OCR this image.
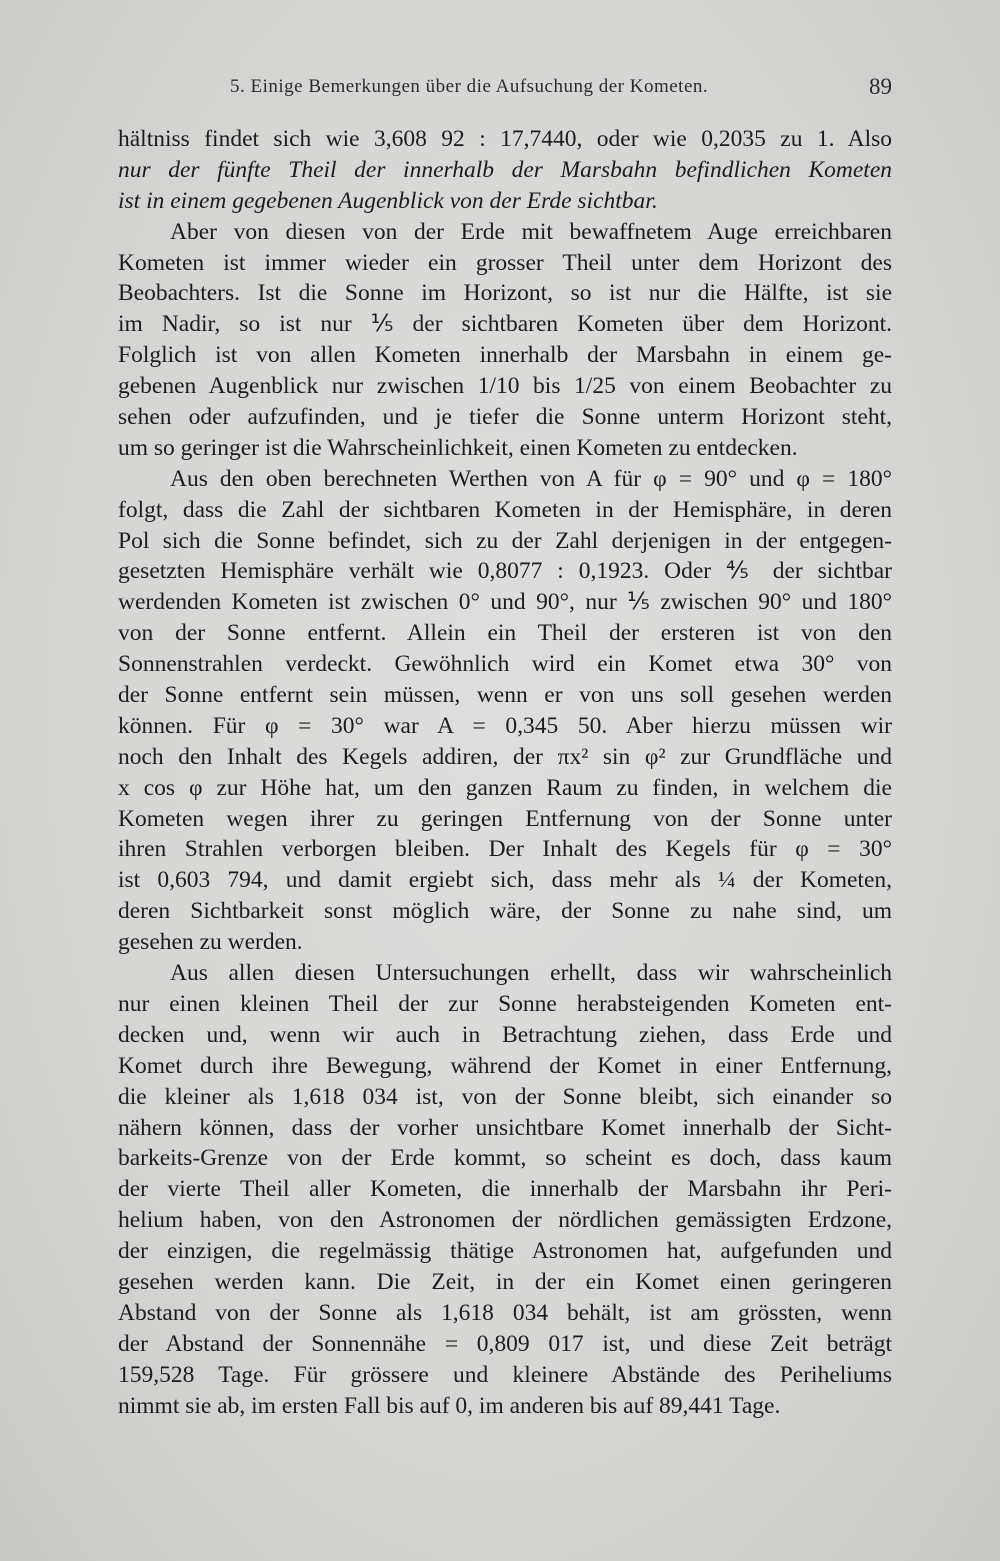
5. Einige Bemerkungen über die Aufsuchung der Kometen.	89
hältniss findet sich wie 3,608 92 : 17,7440, oder wie 0,2035 zu 1. Also
nur der fünfte Theil der innerhalb der Marsbahn befindlichen Kometen
ist in einem gegebenen Augenblick von der Erde sichtbar.
Aber von diesen von der Erde mit bewaffnetem Auge erreichbaren
Kometen ist immer wieder ein grosser Theil unter dem Horizont des
Beobachters. Ist die Sonne im Horizont, so ist nur die Hälfte, ist sie
im Nadir, so ist nur ⅕ der sichtbaren Kometen über dem Horizont.
Folglich ist von allen Kometen innerhalb der Marsbahn in einem ge-
gebenen Augenblick nur zwischen 1/10 bis 1/25 von einem Beobachter zu
sehen oder aufzufinden, und je tiefer die Sonne unterm Horizont steht,
um so geringer ist die Wahrscheinlichkeit, einen Kometen zu entdecken.
Aus den oben berechneten Werthen von A für φ = 90° und φ = 180°
folgt, dass die Zahl der sichtbaren Kometen in der Hemisphäre, in deren
Pol sich die Sonne befindet, sich zu der Zahl derjenigen in der entgegen-
gesetzten Hemisphäre verhält wie 0,8077 : 0,1923. Oder ⅘ der sichtbar
werdenden Kometen ist zwischen 0° und 90°, nur ⅕ zwischen 90° und 180°
von der Sonne entfernt. Allein ein Theil der ersteren ist von den
Sonnenstrahlen verdeckt. Gewöhnlich wird ein Komet etwa 30° von
der Sonne entfernt sein müssen, wenn er von uns soll gesehen werden
können. Für φ = 30° war A = 0,345 50. Aber hierzu müssen wir
noch den Inhalt des Kegels addiren, der πx² sin φ² zur Grundfläche und
x cos φ zur Höhe hat, um den ganzen Raum zu finden, in welchem die
Kometen wegen ihrer zu geringen Entfernung von der Sonne unter
ihren Strahlen verborgen bleiben. Der Inhalt des Kegels für φ = 30°
ist 0,603 794, und damit ergiebt sich, dass mehr als ¼ der Kometen,
deren Sichtbarkeit sonst möglich wäre, der Sonne zu nahe sind, um
gesehen zu werden.
Aus allen diesen Untersuchungen erhellt, dass wir wahrscheinlich
nur einen kleinen Theil der zur Sonne herabsteigenden Kometen ent-
decken und, wenn wir auch in Betrachtung ziehen, dass Erde und
Komet durch ihre Bewegung, während der Komet in einer Entfernung,
die kleiner als 1,618 034 ist, von der Sonne bleibt, sich einander so
nähern können, dass der vorher unsichtbare Komet innerhalb der Sicht-
barkeits-Grenze von der Erde kommt, so scheint es doch, dass kaum
der vierte Theil aller Kometen, die innerhalb der Marsbahn ihr Peri-
helium haben, von den Astronomen der nördlichen gemässigten Erdzone,
der einzigen, die regelmässig thätige Astronomen hat, aufgefunden und
gesehen werden kann. Die Zeit, in der ein Komet einen geringeren
Abstand von der Sonne als 1,618 034 behält, ist am grössten, wenn
der Abstand der Sonnennähe = 0,809 017 ist, und diese Zeit beträgt
159,528 Tage. Für grössere und kleinere Abstände des Periheliums
nimmt sie ab, im ersten Fall bis auf 0, im anderen bis auf 89,441 Tage.
